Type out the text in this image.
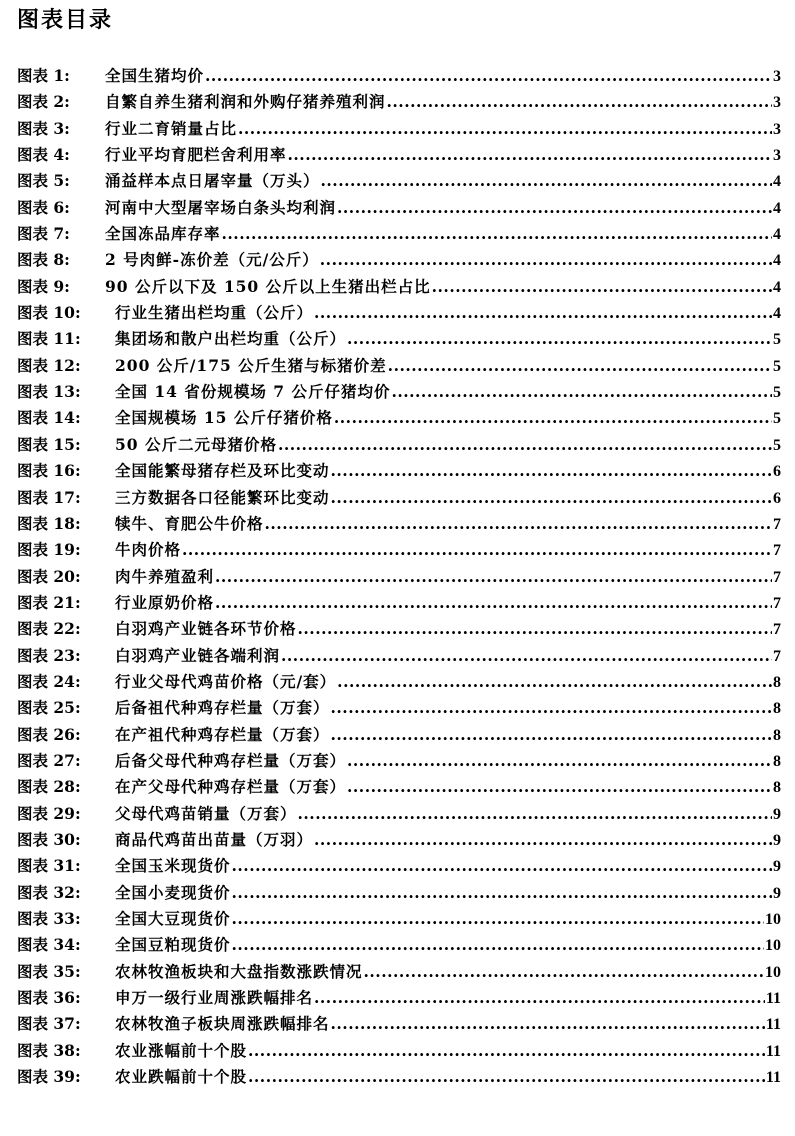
图表目录
图表 1:	全国生猪均价 .....	3
图表 2:	自繁自养生猪利润和外购仔猪养殖利润 .....	3
图表 3:	行业二育销量占比 .....	3
图表 4:	行业平均育肥栏舍利用率 .....	3
图表 5:	涌益样本点日屠宰量（万头） .....	4
图表 6:	河南中大型屠宰场白条头均利润 .....	4
图表 7:	全国冻品库存率 .....	4
图表 8:	2 号肉鲜-冻价差（元/公斤） .....	4
图表 9:	90 公斤以下及 150 公斤以上生猪出栏占比 .....	4
图表 10:	行业生猪出栏均重（公斤） .....	4
图表 11:	集团场和散户出栏均重（公斤） .....	5
图表 12:	200 公斤/175 公斤生猪与标猪价差 .....	5
图表 13:	全国 14 省份规模场 7 公斤仔猪均价 .....	5
图表 14:	全国规模场 15 公斤仔猪价格 .....	5
图表 15:	50 公斤二元母猪价格 .....	5
图表 16:	全国能繁母猪存栏及环比变动 .....	6
图表 17:	三方数据各口径能繁环比变动 .....	6
图表 18:	犊牛、育肥公牛价格 .....	7
图表 19:	牛肉价格 .....	7
图表 20:	肉牛养殖盈利 .....	7
图表 21:	行业原奶价格 .....	7
图表 22:	白羽鸡产业链各环节价格 .....	7
图表 23:	白羽鸡产业链各端利润 .....	7
图表 24:	行业父母代鸡苗价格（元/套） .....	8
图表 25:	后备祖代种鸡存栏量（万套） .....	8
图表 26:	在产祖代种鸡存栏量（万套） .....	8
图表 27:	后备父母代种鸡存栏量（万套） .....	8
图表 28:	在产父母代种鸡存栏量（万套） .....	8
图表 29:	父母代鸡苗销量（万套） .....	9
图表 30:	商品代鸡苗出苗量（万羽） .....	9
图表 31:	全国玉米现货价 .....	9
图表 32:	全国小麦现货价 .....	9
图表 33:	全国大豆现货价 .....	10
图表 34:	全国豆粕现货价 .....	10
图表 35:	农林牧渔板块和大盘指数涨跌情况 .....	10
图表 36:	申万一级行业周涨跌幅排名 .....	11
图表 37:	农林牧渔子板块周涨跌幅排名 .....	11
图表 38:	农业涨幅前十个股 .....	11
图表 39:	农业跌幅前十个股 .....	11
